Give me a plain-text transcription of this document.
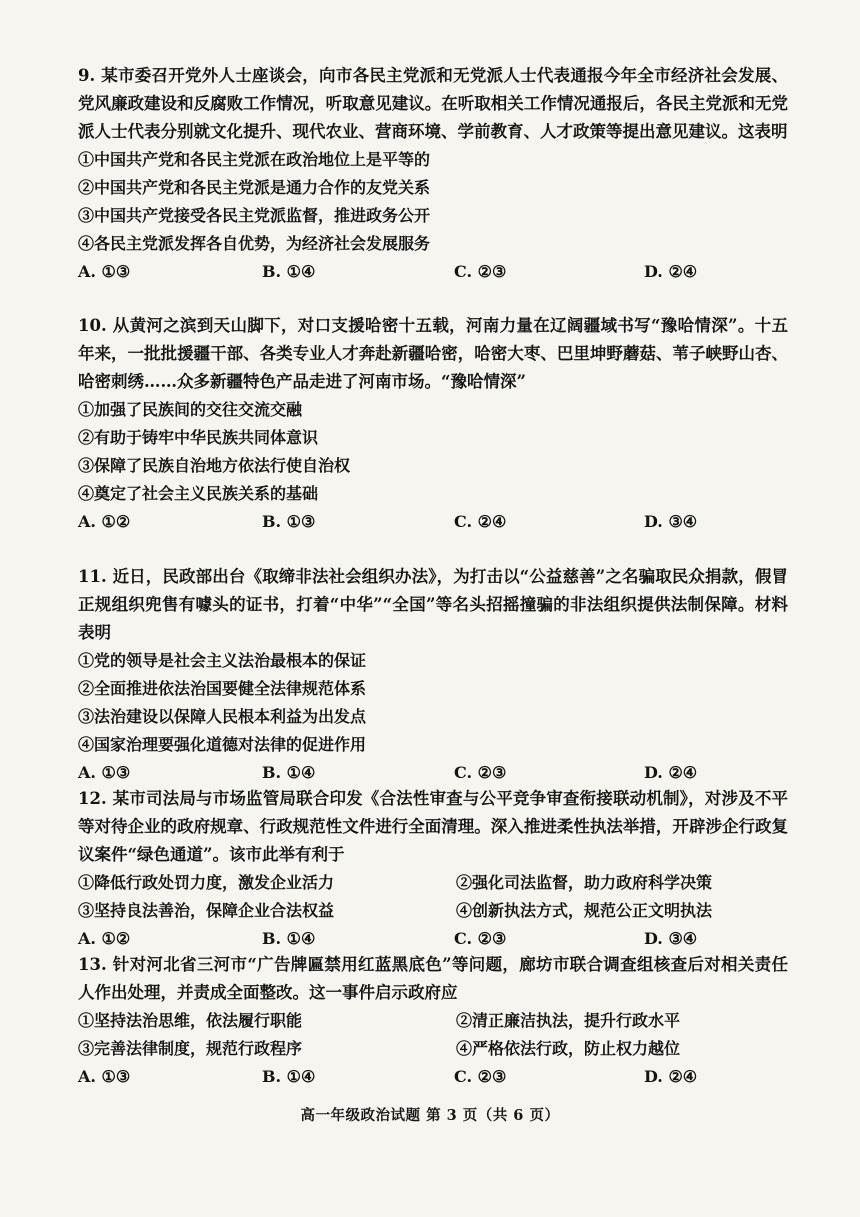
9. 某市委召开党外人士座谈会，向市各民主党派和无党派人士代表通报今年全市经济社会发展、党风廉政建设和反腐败工作情况，听取意见建议。在听取相关工作情况通报后，各民主党派和无党派人士代表分别就文化提升、现代农业、营商环境、学前教育、人才政策等提出意见建议。这表明

①中国共产党和各民主党派在政治地位上是平等的

②中国共产党和各民主党派是通力合作的友党关系

③中国共产党接受各民主党派监督，推进政务公开

④各民主党派发挥各自优势，为经济社会发展服务

A. ①③	B. ①④	C. ②③	D. ②④

10. 从黄河之滨到天山脚下，对口支援哈密十五载，河南力量在辽阔疆域书写“豫哈情深”。十五年来，一批批援疆干部、各类专业人才奔赴新疆哈密，哈密大枣、巴里坤野蘑菇、苇子峡野山杏、哈密刺绣……众多新疆特色产品走进了河南市场。“豫哈情深”

①加强了民族间的交往交流交融

②有助于铸牢中华民族共同体意识

③保障了民族自治地方依法行使自治权

④奠定了社会主义民族关系的基础

A. ①②	B. ①③	C. ②④	D. ③④

11. 近日，民政部出台《取缔非法社会组织办法》，为打击以“公益慈善”之名骗取民众捐款，假冒正规组织兜售有噱头的证书，打着“中华”“全国”等名头招摇撞骗的非法组织提供法制保障。材料表明

①党的领导是社会主义法治最根本的保证

②全面推进依法治国要健全法律规范体系

③法治建设以保障人民根本利益为出发点

④国家治理要强化道德对法律的促进作用

A. ①③	B. ①④	C. ②③	D. ②④

12. 某市司法局与市场监管局联合印发《合法性审查与公平竞争审查衔接联动机制》，对涉及不平等对待企业的政府规章、行政规范性文件进行全面清理。深入推进柔性执法举措，开辟涉企行政复议案件“绿色通道”。该市此举有利于

①降低行政处罚力度，激发企业活力	②强化司法监督，助力政府科学决策

③坚持良法善治，保障企业合法权益	④创新执法方式，规范公正文明执法

A. ①②	B. ①④	C. ②③	D. ③④

13. 针对河北省三河市“广告牌匾禁用红蓝黑底色”等问题，廊坊市联合调查组核查后对相关责任人作出处理，并责成全面整改。这一事件启示政府应

①坚持法治思维，依法履行职能	②清正廉洁执法，提升行政水平

③完善法律制度，规范行政程序	④严格依法行政，防止权力越位

A. ①③	B. ①④	C. ②③	D. ②④
高一年级政治试题 第 3 页（共 6 页）
